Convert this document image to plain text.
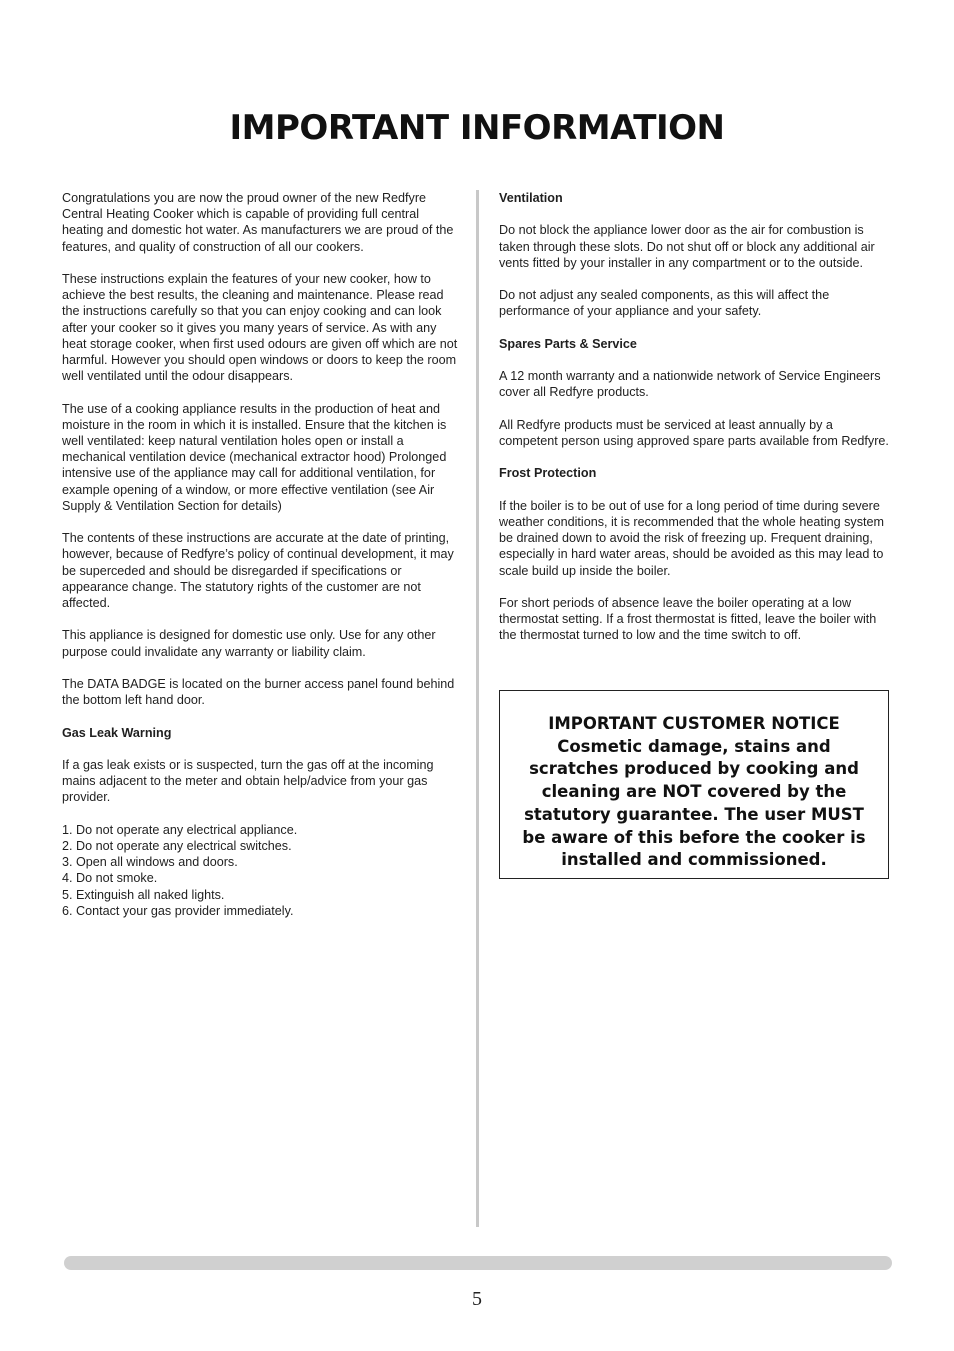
IMPORTANT INFORMATION

Congratulations you are now the proud owner of the new Redfyre Central Heating Cooker which is capable of providing full central heating and domestic hot water. As manufacturers we are proud of the features, and quality of construction of all our cookers.

These instructions explain the features of your new cooker, how to achieve the best results, the cleaning and maintenance. Please read the instructions carefully so that you can enjoy cooking and can look after your cooker so it gives you many years of service. As with any heat storage cooker, when first used odours are given off which are not harmful. However you should open windows or doors to keep the room well ventilated until the odour disappears.

The use of a cooking appliance results in the production of heat and moisture in the room in which it is installed. Ensure that the kitchen is well ventilated: keep natural ventilation holes open or install a mechanical ventilation device (mechanical extractor hood) Prolonged intensive use of the appliance may call for additional ventilation, for example opening of a window, or more effective ventilation (see Air Supply & Ventilation Section for details)

The contents of these instructions are accurate at the date of printing, however, because of Redfyre’s policy of continual development, it may be superceded and should be disregarded if specifications or appearance change. The statutory rights of the customer are not affected.

This appliance is designed for domestic use only. Use for any other purpose could invalidate any warranty or liability claim.

The DATA BADGE is located on the burner access panel found behind the bottom left hand door.

Gas Leak Warning

If a gas leak exists or is suspected, turn the gas off at the incoming mains adjacent to the meter and obtain help/advice from your gas provider.

1. Do not operate any electrical appliance.
2. Do not operate any electrical switches.
3. Open all windows and doors.
4. Do not smoke.
5. Extinguish all naked lights.
6. Contact your gas provider immediately.
Ventilation

Do not block the appliance lower door as the air for combustion is taken through these slots. Do not shut off or block any additional air vents fitted by your installer in any compartment or to the outside.

Do not adjust any sealed components, as this will affect the performance of your appliance and your safety.

Spares Parts & Service

A 12 month warranty and a nationwide network of Service Engineers cover all Redfyre products.

All Redfyre products must be serviced at least annually by a competent person using approved spare parts available from Redfyre.

Frost Protection

If the boiler is to be out of use for a long period of time during severe weather conditions, it is recommended that the whole heating system be drained down to avoid the risk of freezing up. Frequent draining, especially in hard water areas, should be avoided as this may lead to scale build up inside the boiler.

For short periods of absence leave the boiler operating at a low thermostat setting. If a frost thermostat is fitted, leave the boiler with the thermostat turned to low and the time switch to off.

IMPORTANT CUSTOMER NOTICE
Cosmetic damage, stains and scratches produced by cooking and cleaning are NOT covered by the statutory guarantee. The user MUST be aware of this before the cooker is installed and commissioned.
5
